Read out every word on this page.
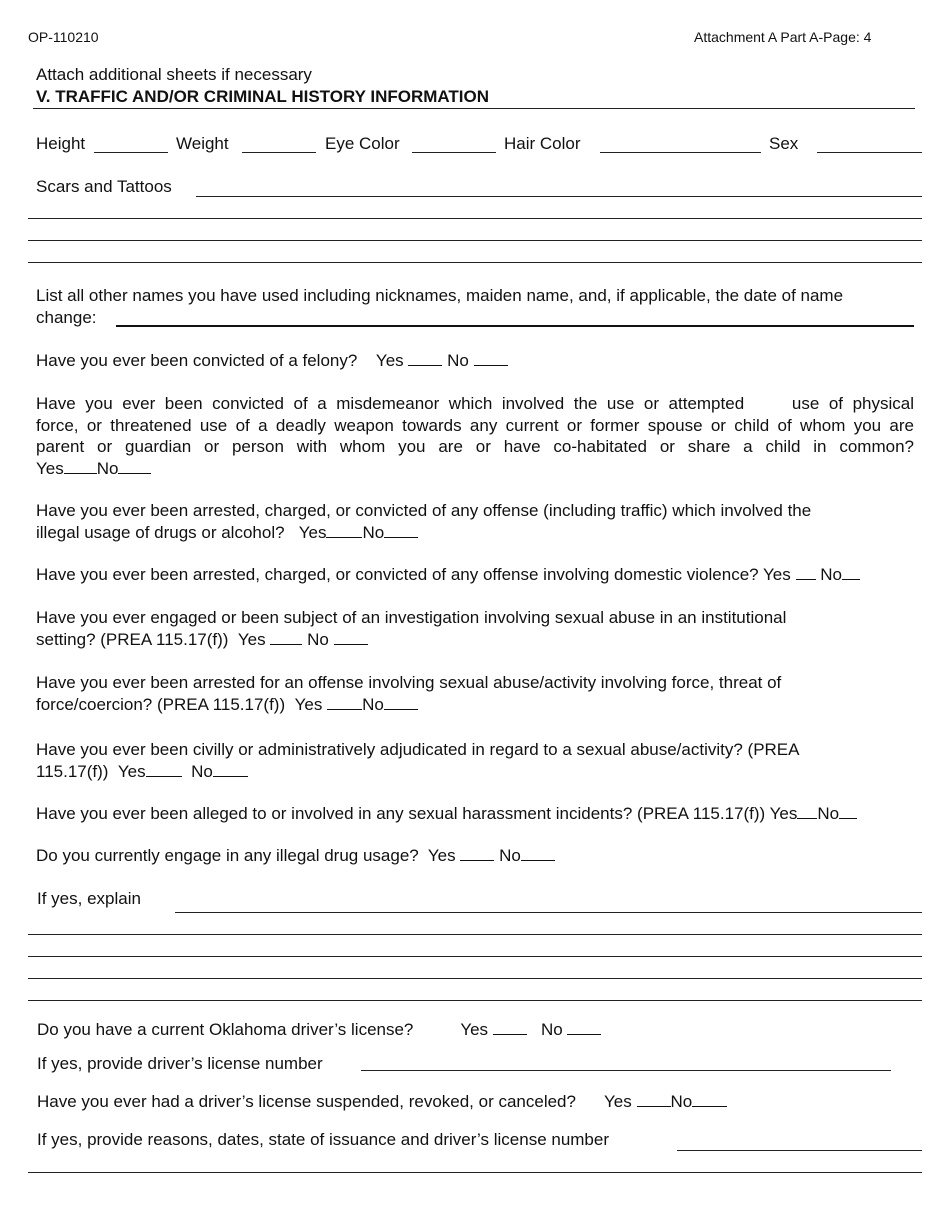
OP-110210	Attachment A Part A-Page: 4
Attach additional sheets if necessary
V. TRAFFIC AND/OR CRIMINAL HISTORY INFORMATION
Height	Weight	Eye Color	Hair Color	Sex
Scars and Tattoos
List all other names you have used including nicknames, maiden name, and, if applicable, the date of name
change:
Have you ever been convicted of a felony? Yes	No
Have you ever been convicted of a misdemeanor which involved the use or attempted     use of physical
force, or threatened use of a deadly weapon towards any current or former spouse or child of whom you are
parent or guardian or person with whom you are or have co-habitated or share a child in common?
Yes No
Have you ever been arrested, charged, or convicted of any offense (including traffic) which involved the
illegal usage of drugs or alcohol? Yes No
Have you ever been arrested, charged, or convicted of any offense involving domestic violence? Yes No
Have you ever engaged or been subject of an investigation involving sexual abuse in an institutional
setting? (PREA 115.17(f)) Yes No
Have you ever been arrested for an offense involving sexual abuse/activity involving force, threat of
force/coercion? (PREA 115.17(f)) Yes No
Have you ever been civilly or administratively adjudicated in regard to a sexual abuse/activity? (PREA
115.17(f)) Yes	No
Have you ever been alleged to or involved in any sexual harassment incidents? (PREA 115.17(f)) Yes No
Do you currently engage in any illegal drug usage? Yes	No
If yes, explain
Do you have a current Oklahoma driver’s license?	Yes	No
If yes, provide driver’s license number
Have you ever had a driver’s license suspended, revoked, or canceled? Yes No
If yes, provide reasons, dates, state of issuance and driver’s license number
